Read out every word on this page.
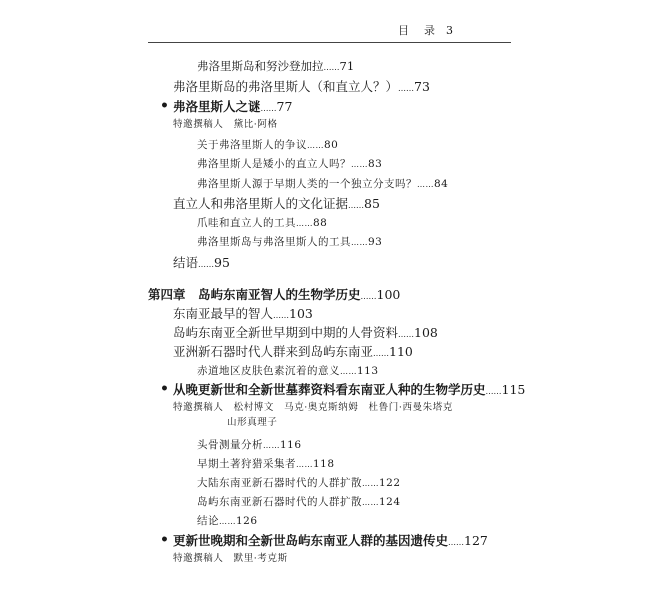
目 录 3
弗洛里斯岛和努沙登加拉……71
弗洛里斯岛的弗洛里斯人（和直立人？）……73
• 弗洛里斯人之谜……77
特邀撰稿人　黛比·阿格
关于弗洛里斯人的争议……80
弗洛里斯人是矮小的直立人吗？……83
弗洛里斯人源于早期人类的一个独立分支吗？……84
直立人和弗洛里斯人的文化证据……85
爪哇和直立人的工具……88
弗洛里斯岛与弗洛里斯人的工具……93
结语……95
第四章　岛屿东南亚智人的生物学历史……100
东南亚最早的智人……103
岛屿东南亚全新世早期到中期的人骨资料……108
亚洲新石器时代人群来到岛屿东南亚……110
赤道地区皮肤色素沉着的意义……113
• 从晚更新世和全新世墓葬资料看东南亚人种的生物学历史……115
特邀撰稿人　松村博文　马克·奥克斯纳姆　杜鲁门·西曼朱塔克
山形真理子
头骨测量分析……116
早期土著狩猎采集者……118
大陆东南亚新石器时代的人群扩散……122
岛屿东南亚新石器时代的人群扩散……124
结论……126
• 更新世晚期和全新世岛屿东南亚人群的基因遗传史……127
特邀撰稿人　默里·考克斯
